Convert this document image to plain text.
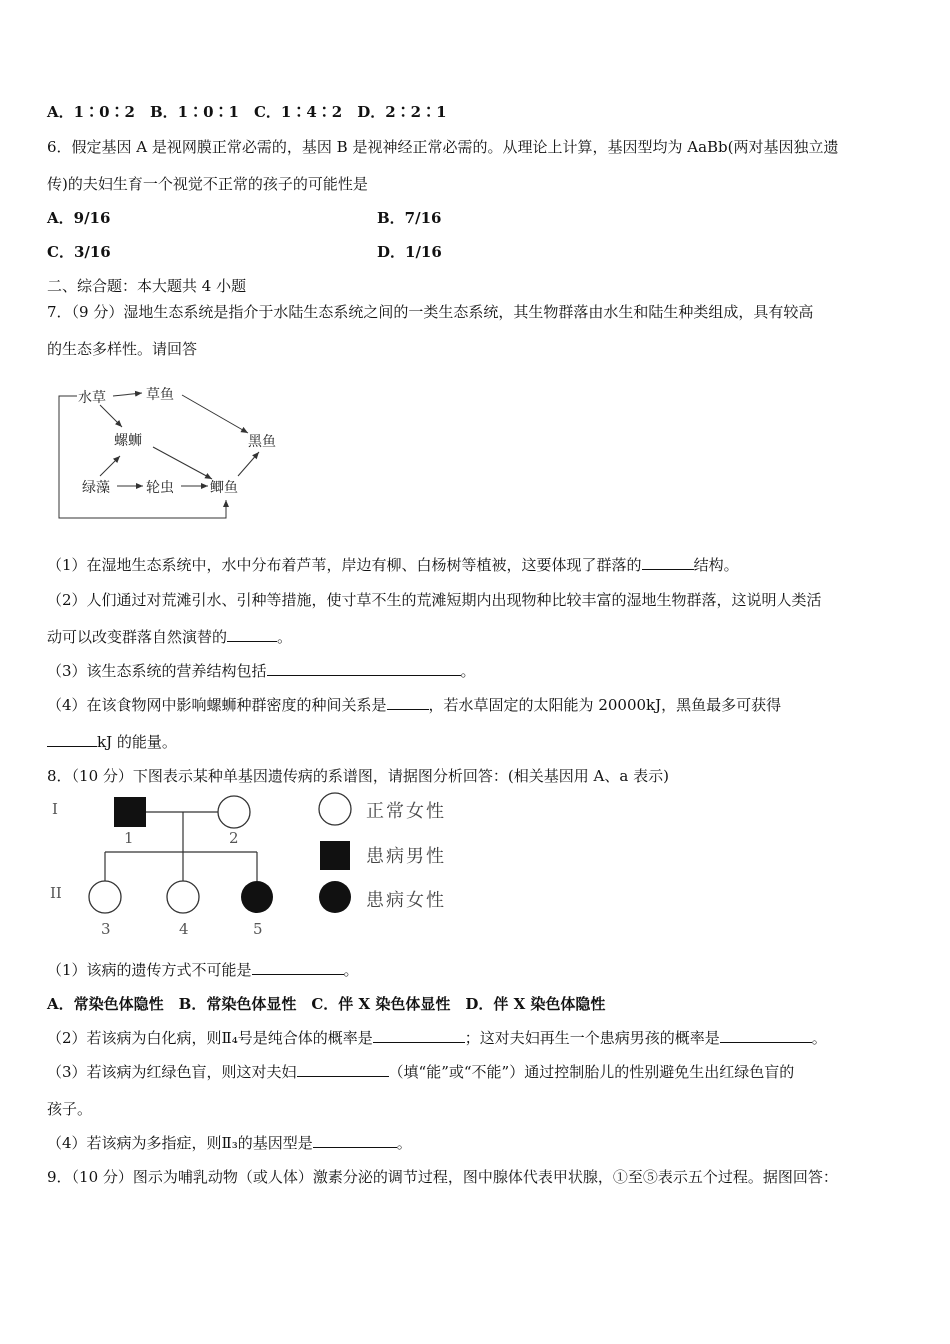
A．1∶0∶2　B．1∶0∶1　C．1∶4∶2　D．2∶2∶1
6．假定基因 A 是视网膜正常必需的，基因 B 是视神经正常必需的。从理论上计算，基因型均为 AaBb(两对基因独立遗
传)的夫妇生育一个视觉不正常的孩子的可能性是
A．9/16	B．7/16
C．3/16	D．1/16
二、综合题：本大题共 4 小题
7．（9 分）湿地生态系统是指介于水陆生态系统之间的一类生态系统，其生物群落由水生和陆生种类组成，具有较高
的生态多样性。请回答
水草	草鱼
螺蛳	黑鱼
绿藻	轮虫	鲫鱼
（1）在湿地生态系统中，水中分布着芦苇，岸边有柳、白杨树等植被，这要体现了群落的	结构。
（2）人们通过对荒滩引水、引种等措施，使寸草不生的荒滩短期内出现物种比较丰富的湿地生物群落，这说明人类活
动可以改变群落自然演替的	。
（3）该生态系统的营养结构包括	。
（4）在该食物网中影响螺蛳种群密度的种间关系是	，若水草固定的太阳能为 20000kJ，黑鱼最多可获得
kJ 的能量。
8．（10 分）下图表示某种单基因遗传病的系谱图，请据图分析回答：(相关基因用 A、a 表示)
I
II
1	2
3	4	5
正常女性
患病男性
患病女性
（1）该病的遗传方式不可能是	。
A．常染色体隐性　B．常染色体显性　C．伴 X 染色体显性　D．伴 X 染色体隐性
（2）若该病为白化病，则Ⅱ₄号是纯合体的概率是	；这对夫妇再生一个患病男孩的概率是	。
（3）若该病为红绿色盲，则这对夫妇	（填“能”或“不能”）通过控制胎儿的性别避免生出红绿色盲的
孩子。
（4）若该病为多指症，则Ⅱ₃的基因型是	。
9．（10 分）图示为哺乳动物（或人体）激素分泌的调节过程，图中腺体代表甲状腺，①至⑤表示五个过程。据图回答：
